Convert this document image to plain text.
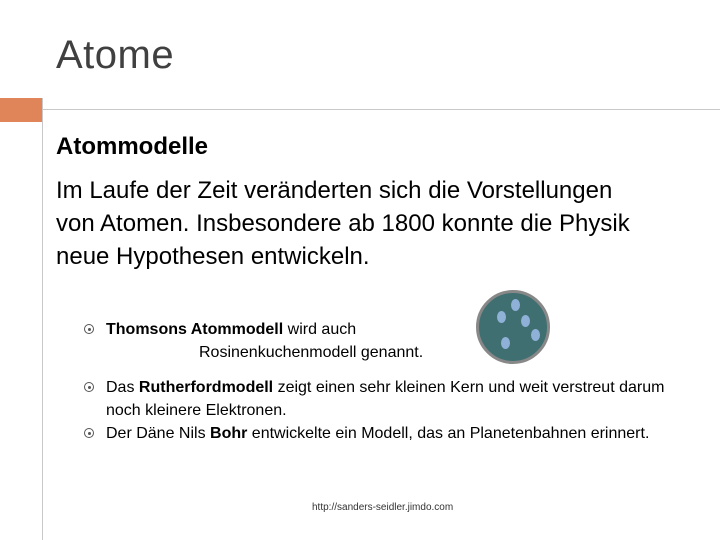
Atome
Atommodelle
Im Laufe der Zeit veränderten sich die Vorstellungen von Atomen. Insbesondere ab 1800 konnte die Physik neue Hypothesen entwickeln.
Thomsons Atommodell wird auch
Rosinenkuchenmodell genannt.
Das Rutherfordmodell zeigt einen sehr kleinen Kern und weit verstreut darum noch kleinere Elektronen.
Der Däne Nils Bohr entwickelte ein Modell, das an Planetenbahnen erinnert.
http://sanders-seidler.jimdo.com
